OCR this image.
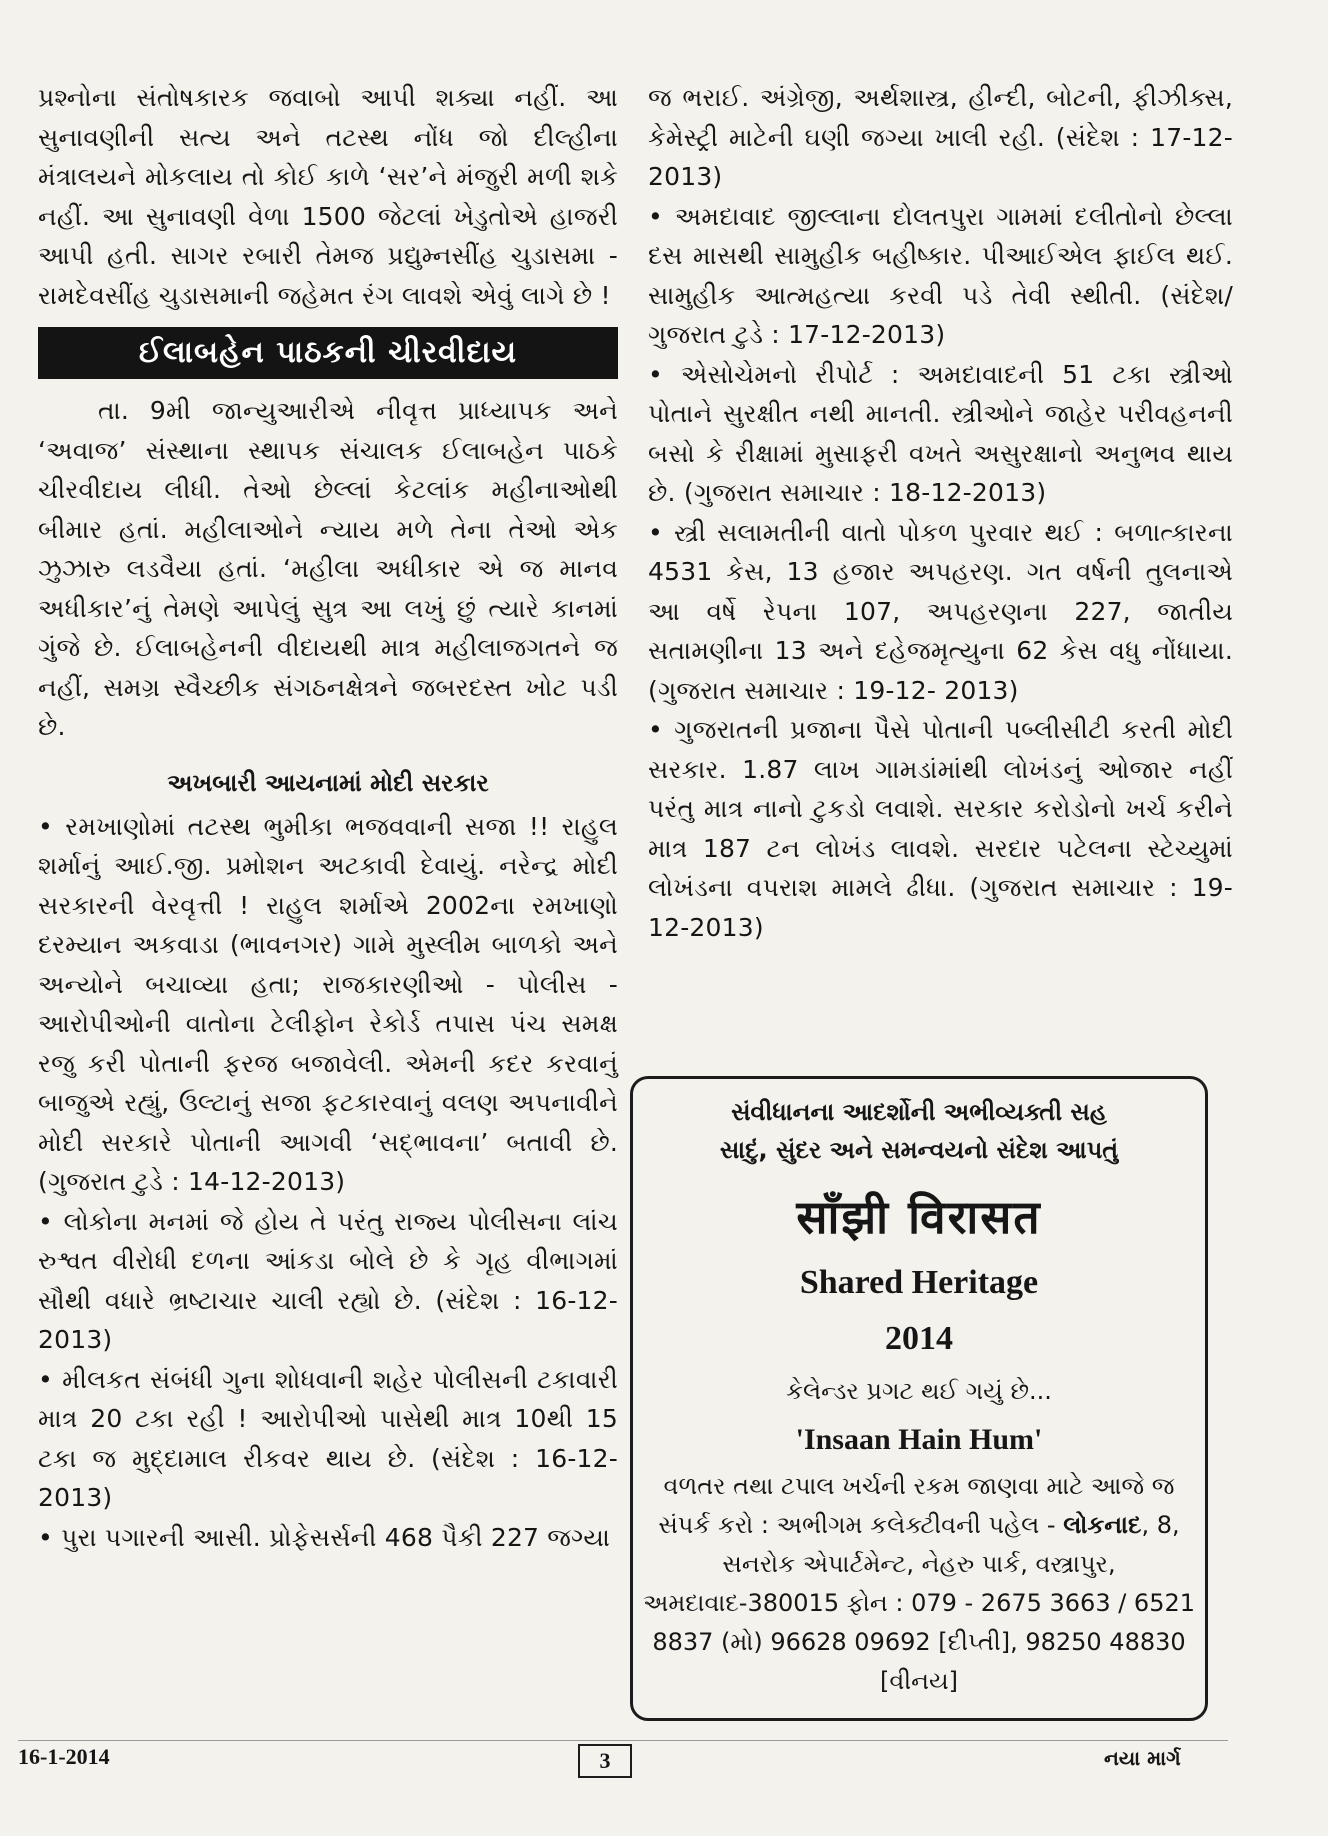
પ્રશ્નોના સંતોષકારક જવાબો આપી શક્યા નહીં. આ સુનાવણીની સત્ય અને તટસ્થ નોંધ જો દીલ્હીના મંત્રાલયને મોકલાય તો કોઈ કાળે ‘સર’ને મંજુરી મળી શકે નહીં. આ સુનાવણી વેળા 1500 જેટલાં ખેડુતોએ હાજરી આપી હતી. સાગર રબારી તેમજ પ્રદ્યુમ્નસીંહ ચુડાસમા - રામદેવસીંહ ચુડાસમાની જહેમત રંગ લાવશે એવું લાગે છે !

ઈલાબહેન પાઠકની ચીરવીદાય

તા. 9મી જાન્યુઆરીએ નીવૃત્ત પ્રાધ્યાપક અને ‘અવાજ’ સંસ્થાના સ્થાપક સંચાલક ઈલાબહેન પાઠકે ચીરવીદાય લીધી. તેઓ છેલ્લાં કેટલાંક મહીનાઓથી બીમાર હતાં. મહીલાઓને ન્યાય મળે તેના તેઓ એક ઝુઝારુ લડવૈયા હતાં. ‘મહીલા અધીકાર એ જ માનવ અધીકાર’નું તેમણે આપેલું સુત્ર આ લખું છું ત્યારે કાનમાં ગુંજે છે. ઈલાબહેનની વીદાયથી માત્ર મહીલાજગતને જ નહીં, સમગ્ર સ્વૈચ્છીક સંગઠનક્ષેત્રને જબરદસ્ત ખોટ પડી છે.

અખબારી આયનામાં મોદી સરકાર

• રમખાણોમાં તટસ્થ ભુમીકા ભજવવાની સજા !! રાહુલ શર્માનું આઈ.જી. પ્રમોશન અટકાવી દેવાયું. નરેન્દ્ર મોદી સરકારની વેરવૃત્તી ! રાહુલ શર્માએ 2002ના રમખાણો દરમ્યાન અકવાડા (ભાવનગર) ગામે મુસ્લીમ બાળકો અને અન્યોને બચાવ્યા હતા; રાજકારણીઓ - પોલીસ - આરોપીઓની વાતોના ટેલીફોન રેકોર્ડ તપાસ પંચ સમક્ષ રજુ કરી પોતાની ફરજ બજાવેલી. એમની કદર કરવાનું બાજુએ રહ્યું, ઉલ્ટાનું સજા ફટકારવાનું વલણ અપનાવીને મોદી સરકારે પોતાની આગવી ‘સદ્ભાવના’ બતાવી છે. (ગુજરાત ટુડે : 14-12-2013)

• લોકોના મનમાં જે હોય તે પરંતુ રાજ્ય પોલીસના લાંચ રુશ્વત વીરોધી દળના આંકડા બોલે છે કે ગૃહ વીભાગમાં સૌથી વધારે ભ્રષ્ટાચાર ચાલી રહ્યો છે. (સંદેશ : 16-12-2013)

• મીલકત સંબંધી ગુના શોધવાની શહેર પોલીસની ટકાવારી માત્ર 20 ટકા રહી ! આરોપીઓ પાસેથી માત્ર 10થી 15 ટકા જ મુદ્દામાલ રીકવર થાય છે. (સંદેશ : 16-12-2013)

• પુરા પગારની આસી. પ્રોફેસર્સની 468 પૈકી 227 જગ્યા

જ ભરાઈ. અંગ્રેજી, અર્થશાસ્ત્ર, હીન્દી, બોટની, ફીઝીક્સ, કેમેસ્ટ્રી માટેની ઘણી જગ્યા ખાલી રહી. (સંદેશ : 17-12- 2013)

• અમદાવાદ જીલ્લાના દોલતપુરા ગામમાં દલીતોનો છેલ્લા દસ માસથી સામુહીક બહીષ્કાર. પીઆઈએલ ફાઈલ થઈ. સામુહીક આત્મહત્યા કરવી પડે તેવી સ્થીતી. (સંદેશ/ ગુજરાત ટુડે : 17-12-2013)

• એસોચેમનો રીપોર્ટ : અમદાવાદની 51 ટકા સ્ત્રીઓ પોતાને સુરક્ષીત નથી માનતી. સ્ત્રીઓને જાહેર પરીવહનની બસો કે રીક્ષામાં મુસાફરી વખતે અસુરક્ષાનો અનુભવ થાય છે. (ગુજરાત સમાચાર : 18-12-2013)

• સ્ત્રી સલામતીની વાતો પોકળ પુરવાર થઈ : બળાત્કારના 4531 કેસ, 13 હજાર અપહરણ. ગત વર્ષની તુલનાએ આ વર્ષે રેપના 107, અપહરણના 227, જાતીય સતામણીના 13 અને દહેજમૃત્યુના 62 કેસ વધુ નોંધાયા. (ગુજરાત સમાચાર : 19-12- 2013)

• ગુજરાતની પ્રજાના પૈસે પોતાની પબ્લીસીટી કરતી મોદી સરકાર. 1.87 લાખ ગામડાંમાંથી લોખંડનું ઓજાર નહીં પરંતુ માત્ર નાનો ટુકડો લવાશે. સરકાર કરોડોનો ખર્ચ કરીને માત્ર 187 ટન લોખંડ લાવશે. સરદાર પટેલના સ્ટેચ્યુમાં લોખંડના વપરાશ મામલે ઢીધા. (ગુજરાત સમાચાર : 19-12-2013)

સંવીધાનના આદર્શોની અભીવ્યક્તી સહ
સાદું, સુંદર અને સમન્વયનો સંદેશ આપતું
साँझी विरासत
Shared Heritage
2014
કેલેન્ડર પ્રગટ થઈ ગયું છે...
'Insaan Hain Hum'
વળતર તથા ટપાલ ખર્ચની રકમ જાણવા માટે આજે જ સંપર્ક કરો : અભીગમ કલેક્ટીવની પહેલ - લોકનાદ, 8, સનરોક એપાર્ટમેન્ટ, નેહરુ પાર્ક, વસ્ત્રાપુર, અમદાવાદ-380015 ફોન : 079 - 2675 3663 / 6521 8837 (મો) 96628 09692 [દીપ્તી], 98250 48830 [વીનય]
16-1-2014	3	નયા માર્ગ
